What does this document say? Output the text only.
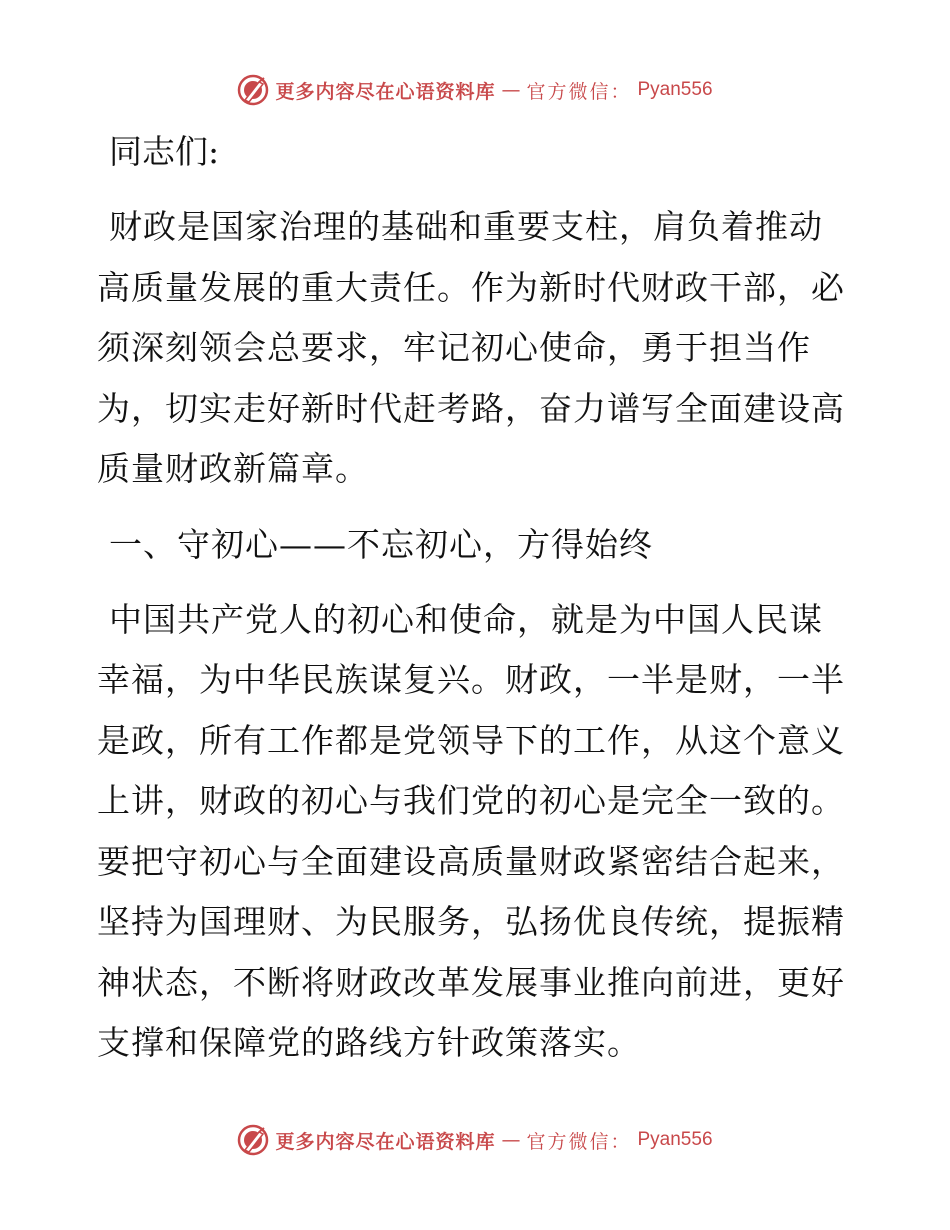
更多内容尽在心语资料库 — 官方微信： Pyan556
同志们:

财政是国家治理的基础和重要支柱，肩负着推动高质量发展的重大责任。作为新时代财政干部，必须深刻领会总要求，牢记初心使命，勇于担当作为，切实走好新时代赶考路，奋力谱写全面建设高质量财政新篇章。

一、守初心——不忘初心，方得始终

中国共产党人的初心和使命，就是为中国人民谋幸福，为中华民族谋复兴。财政，一半是财，一半是政，所有工作都是党领导下的工作，从这个意义上讲，财政的初心与我们党的初心是完全一致的。要把守初心与全面建设高质量财政紧密结合起来，坚持为国理财、为民服务，弘扬优良传统，提振精神状态，不断将财政改革发展事业推向前进，更好支撑和保障党的路线方针政策落实。

更多内容尽在心语资料库 — 官方微信： Pyan556
